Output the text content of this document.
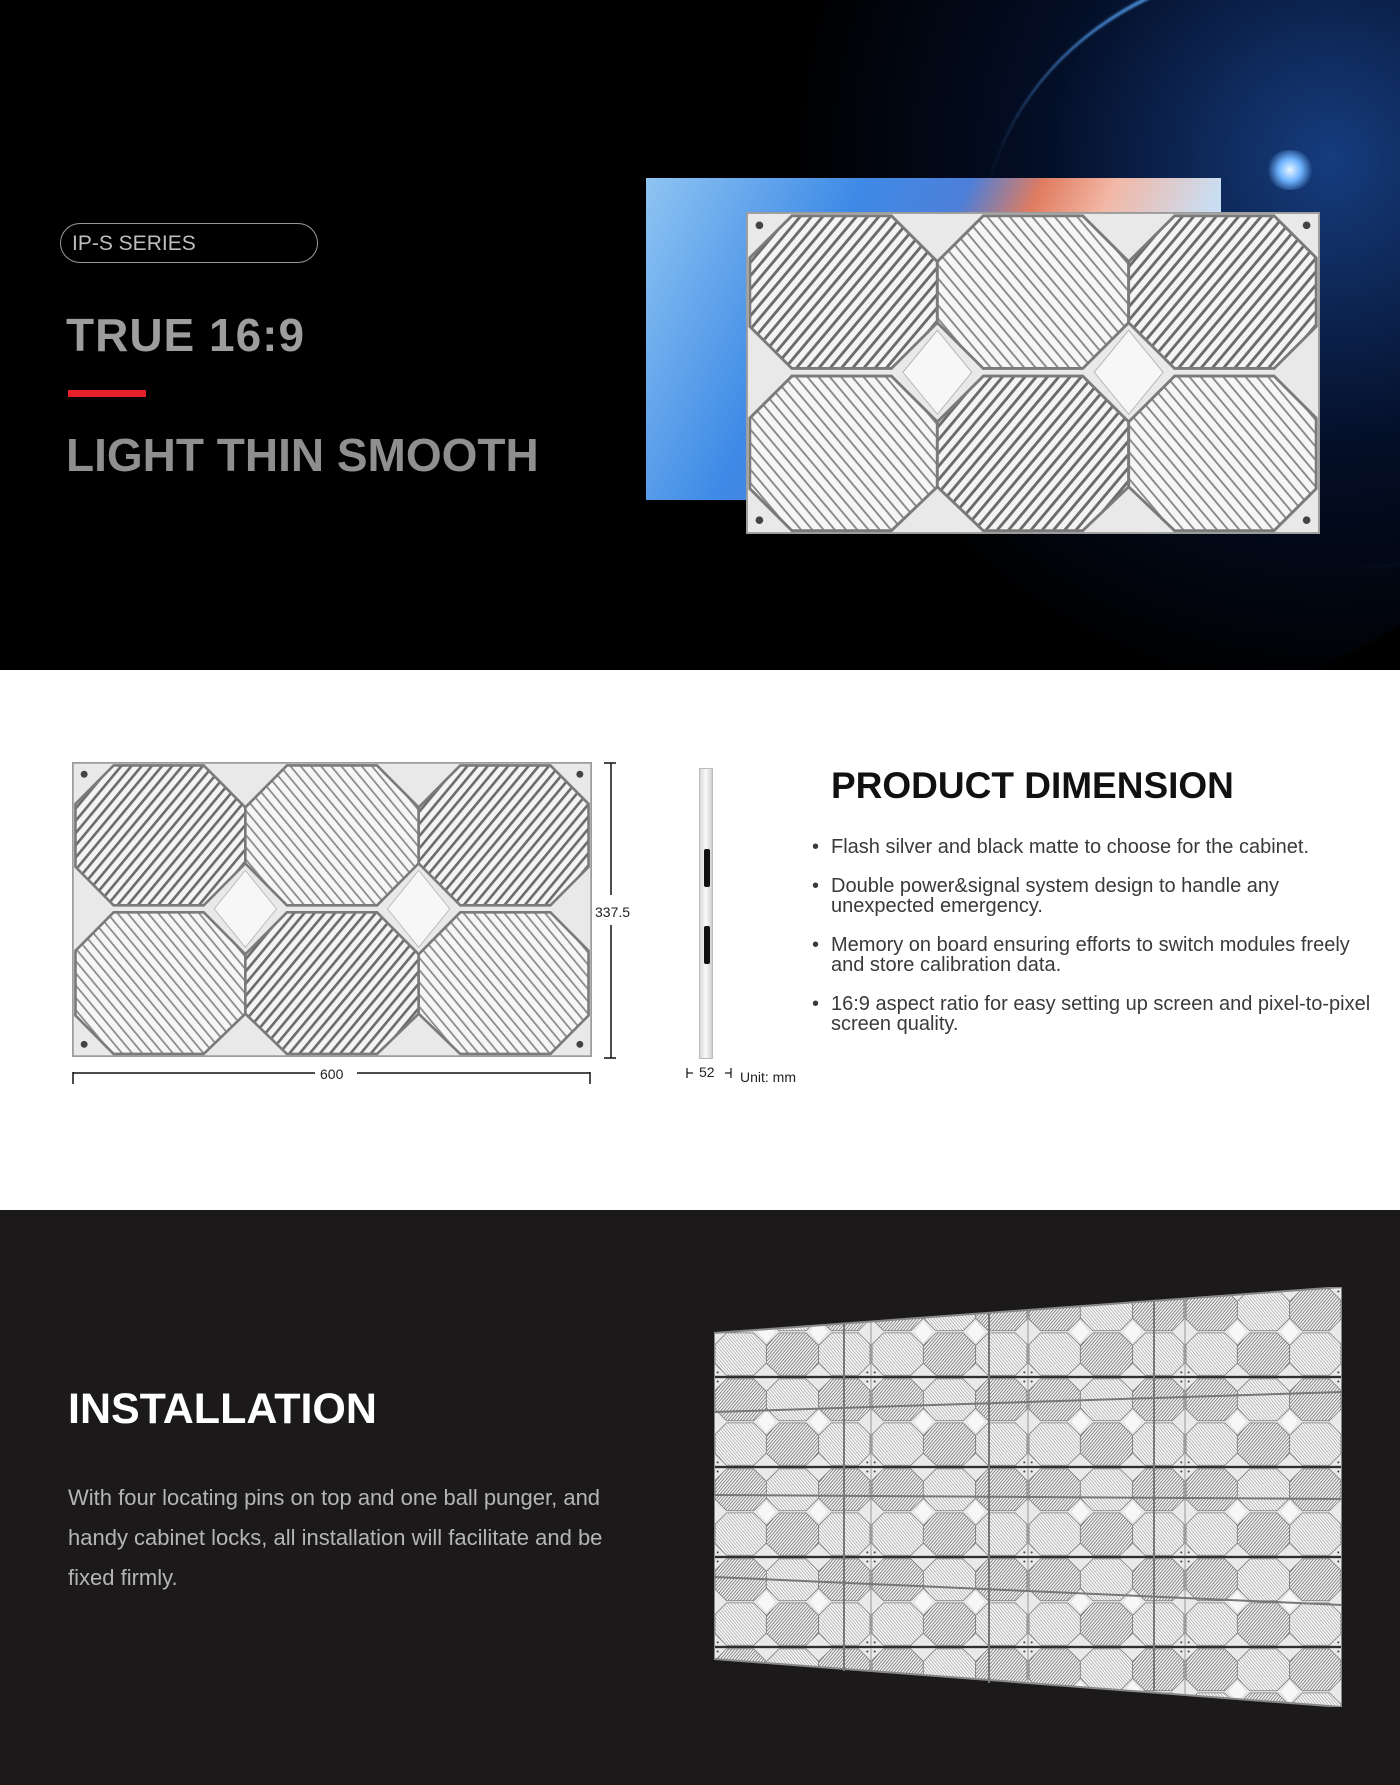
IP-S SERIES
TRUE 16:9
LIGHT THIN SMOOTH
600
337.5
52 Unit: mm
PRODUCT DIMENSION
• Flash silver and black matte to choose for the cabinet.
• Double power&signal system design to handle any unexpected emergency.
• Memory on board ensuring efforts to switch modules freely and store calibration data.
• 16:9 aspect ratio for easy setting up screen and pixel-to-pixel screen quality.
INSTALLATION

With four locating pins on top and one ball punger, and handy cabinet locks, all installation will facilitate and be fixed firmly.
